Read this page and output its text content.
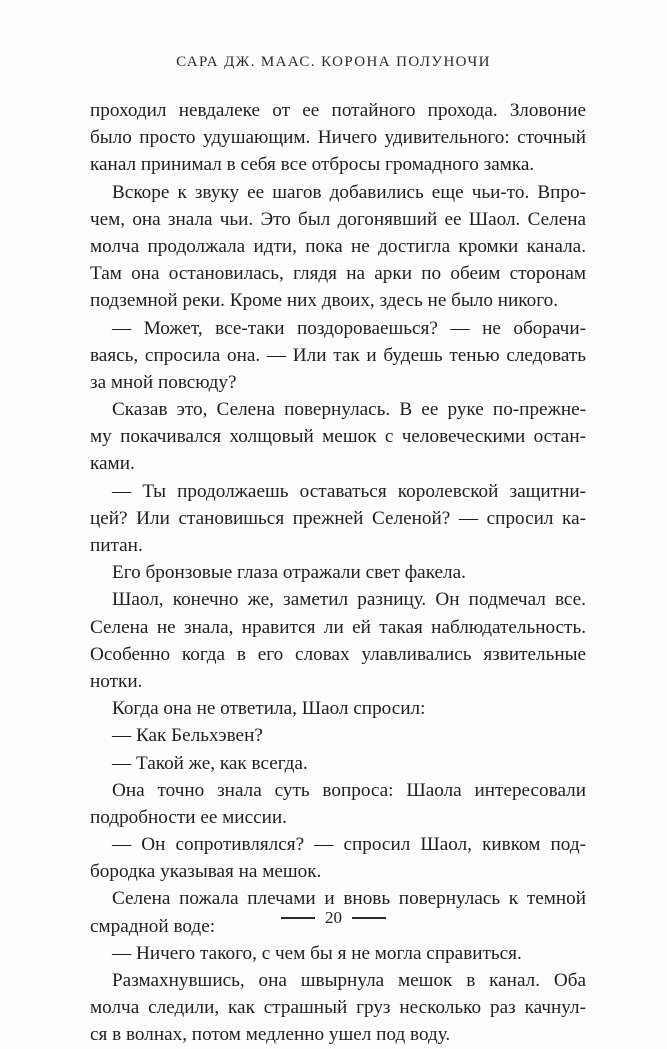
САРА ДЖ. МААС. КОРОНА ПОЛУНОЧИ
проходил невдалеке от ее потайного прохода. Зловоние
было просто удушающим. Ничего удивительного: сточный
канал принимал в себя все отбросы громадного замка.
Вскоре к звуку ее шагов добавились еще чьи-то. Впро-
чем, она знала чьи. Это был догонявший ее Шаол. Селена
молча продолжала идти, пока не достигла кромки канала.
Там она остановилась, глядя на арки по обеим сторонам
подземной реки. Кроме них двоих, здесь не было никого.
— Может, все-таки поздороваешься? — не оборачи-
ваясь, спросила она. — Или так и будешь тенью следовать
за мной повсюду?
Сказав это, Селена повернулась. В ее руке по-прежне-
му покачивался холщовый мешок с человеческими остан-
ками.
— Ты продолжаешь оставаться королевской защитни-
цей? Или становишься прежней Селеной? — спросил ка-
питан.
Его бронзовые глаза отражали свет факела.
Шаол, конечно же, заметил разницу. Он подмечал все.
Селена не знала, нравится ли ей такая наблюдательность.
Особенно когда в его словах улавливались язвительные
нотки.
Когда она не ответила, Шаол спросил:
— Как Бельхэвен?
— Такой же, как всегда.
Она точно знала суть вопроса: Шаола интересовали
подробности ее миссии.
— Он сопротивлялся? — спросил Шаол, кивком под-
бородка указывая на мешок.
Селена пожала плечами и вновь повернулась к темной
смрадной воде:
— Ничего такого, с чем бы я не могла справиться.
Размахнувшись, она швырнула мешок в канал. Оба
молча следили, как страшный груз несколько раз качнул-
ся в волнах, потом медленно ушел под воду.
20
